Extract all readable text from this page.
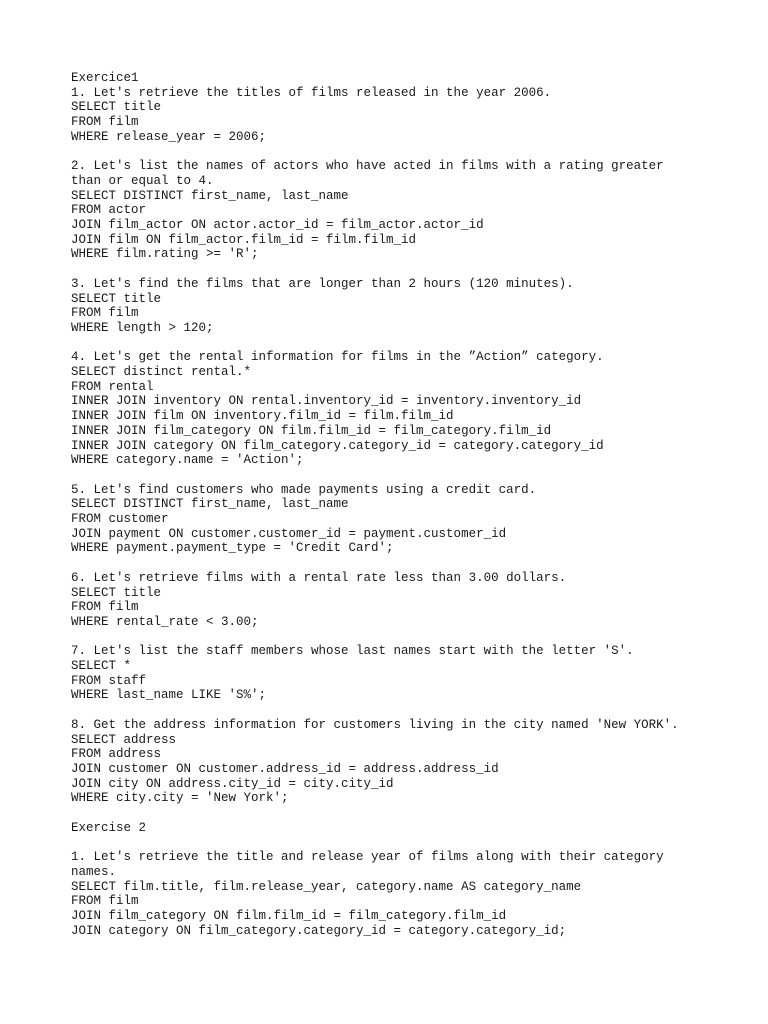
Exercice1
1. Let's retrieve the titles of films released in the year 2006.
SELECT title
FROM film
WHERE release_year = 2006;
2. Let's list the names of actors who have acted in films with a rating greater
than or equal to 4.
SELECT DISTINCT first_name, last_name
FROM actor
JOIN film_actor ON actor.actor_id = film_actor.actor_id
JOIN film ON film_actor.film_id = film.film_id
WHERE film.rating >= 'R';
3. Let's find the films that are longer than 2 hours (120 minutes).
SELECT title
FROM film
WHERE length > 120;
4. Let's get the rental information for films in the ”Action” category.
SELECT distinct rental.*
FROM rental
INNER JOIN inventory ON rental.inventory_id = inventory.inventory_id
INNER JOIN film ON inventory.film_id = film.film_id
INNER JOIN film_category ON film.film_id = film_category.film_id
INNER JOIN category ON film_category.category_id = category.category_id
WHERE category.name = 'Action';
5. Let's find customers who made payments using a credit card.
SELECT DISTINCT first_name, last_name
FROM customer
JOIN payment ON customer.customer_id = payment.customer_id
WHERE payment.payment_type = 'Credit Card';
6. Let's retrieve films with a rental rate less than 3.00 dollars.
SELECT title
FROM film
WHERE rental_rate < 3.00;
7. Let's list the staff members whose last names start with the letter 'S'.
SELECT *
FROM staff
WHERE last_name LIKE 'S%';
8. Get the address information for customers living in the city named 'New YORK'.
SELECT address
FROM address
JOIN customer ON customer.address_id = address.address_id
JOIN city ON address.city_id = city.city_id
WHERE city.city = 'New York';
Exercise 2
1. Let's retrieve the title and release year of films along with their category
names.
SELECT film.title, film.release_year, category.name AS category_name
FROM film
JOIN film_category ON film.film_id = film_category.film_id
JOIN category ON film_category.category_id = category.category_id;
